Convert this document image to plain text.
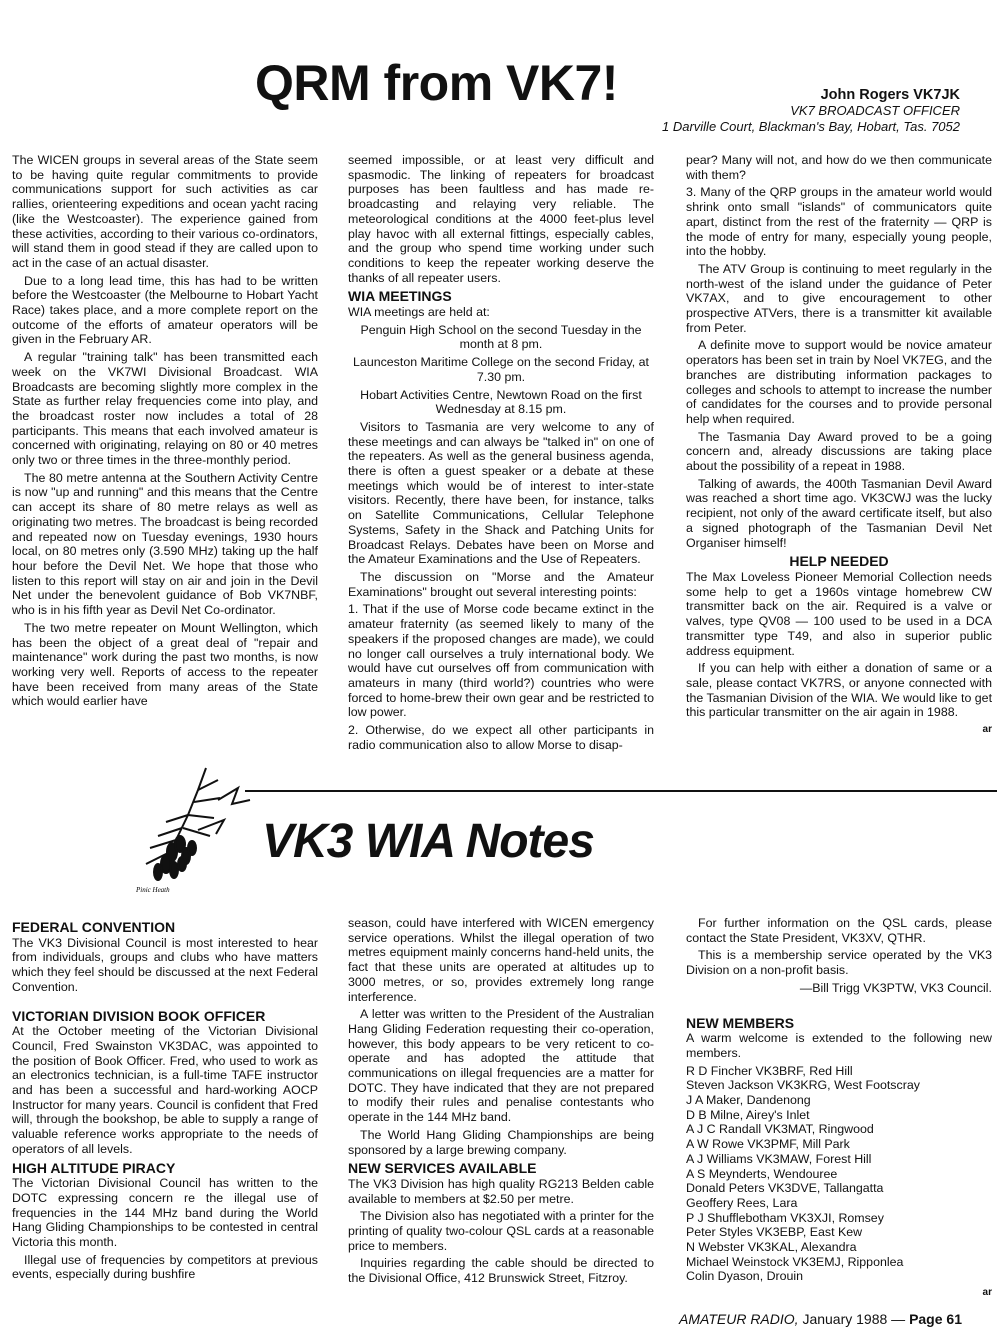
QRM from VK7!	John Rogers VK7JK
VK7 BROADCAST OFFICER
1 Darville Court, Blackman's Bay, Hobart, Tas. 7052

The WICEN groups in several areas of the State seem to be having quite regular commitments to provide communications support for such activities as car rallies, orienteering expeditions and ocean yacht racing (like the Westcoaster). The experience gained from these activities, according to their various co-ordinators, will stand them in good stead if they are called upon to act in the case of an actual disaster.

Due to a long lead time, this has had to be written before the Westcoaster (the Melbourne to Hobart Yacht Race) takes place, and a more complete report on the outcome of the efforts of amateur operators will be given in the February AR.

A regular "training talk" has been transmitted each week on the VK7WI Divisional Broadcast. WIA Broadcasts are becoming slightly more complex in the State as further relay frequencies come into play, and the broadcast roster now includes a total of 28 participants. This means that each involved amateur is concerned with originating, relaying on 80 or 40 metres only two or three times in the three-monthly period.

The 80 metre antenna at the Southern Activity Centre is now "up and running" and this means that the Centre can accept its share of 80 metre relays as well as originating two metres. The broadcast is being recorded and repeated now on Tuesday evenings, 1930 hours local, on 80 metres only (3.590 MHz) taking up the half hour before the Devil Net. We hope that those who listen to this report will stay on air and join in the Devil Net under the benevolent guidance of Bob VK7NBF, who is in his fifth year as Devil Net Co-ordinator.

The two metre repeater on Mount Wellington, which has been the object of a great deal of "repair and maintenance" work during the past two months, is now working very well. Reports of access to the repeater have been received from many areas of the State which would earlier have

seemed impossible, or at least very difficult and spasmodic. The linking of repeaters for broadcast purposes has been faultless and has made re-broadcasting and relaying very reliable. The meteorological conditions at the 4000 feet-plus level play havoc with all external fittings, especially cables, and the group who spend time working under such conditions to keep the repeater working deserve the thanks of all repeater users.

WIA MEETINGS

WIA meetings are held at:

Penguin High School on the second Tuesday in the month at 8 pm.

Launceston Maritime College on the second Friday, at 7.30 pm.

Hobart Activities Centre, Newtown Road on the first Wednesday at 8.15 pm.

Visitors to Tasmania are very welcome to any of these meetings and can always be "talked in" on one of the repeaters. As well as the general business agenda, there is often a guest speaker or a debate at these meetings which would be of interest to inter-state visitors. Recently, there have been, for instance, talks on Satellite Communications, Cellular Telephone Systems, Safety in the Shack and Patching Units for Broadcast Relays. Debates have been on Morse and the Amateur Examinations and the Use of Repeaters.

The discussion on "Morse and the Amateur Examinations" brought out several interesting points:

1. That if the use of Morse code became extinct in the amateur fraternity (as seemed likely to many of the speakers if the proposed changes are made), we could no longer call ourselves a truly international body. We would have cut ourselves off from communication with amateurs in many (third world?) countries who were forced to home-brew their own gear and be restricted to low power.

2. Otherwise, do we expect all other participants in radio communication also to allow Morse to disap-

pear? Many will not, and how do we then communicate with them?

3. Many of the QRP groups in the amateur world would shrink onto small "islands" of communicators quite apart, distinct from the rest of the fraternity — QRP is the mode of entry for many, especially young people, into the hobby.

The ATV Group is continuing to meet regularly in the north-west of the island under the guidance of Peter VK7AX, and to give encouragement to other prospective ATVers, there is a transmitter kit available from Peter.

A definite move to support would be novice amateur operators has been set in train by Noel VK7EG, and the branches are distributing information packages to colleges and schools to attempt to increase the number of candidates for the courses and to provide personal help when required.

The Tasmania Day Award proved to be a going concern and, already discussions are taking place about the possibility of a repeat in 1988.

Talking of awards, the 400th Tasmanian Devil Award was reached a short time ago. VK3CWJ was the lucky recipient, not only of the award certificate itself, but also a signed photograph of the Tasmanian Devil Net Organiser himself!

HELP NEEDED

The Max Loveless Pioneer Memorial Collection needs some help to get a 1960s vintage homebrew CW transmitter back on the air. Required is a valve or valves, type QV08 — 100 used to be used in a DCA transmitter type T49, and also in superior public address equipment.

If you can help with either a donation of same or a sale, please contact VK7RS, or anyone connected with the Tasmanian Division of the WIA. We would like to get this particular transmitter on the air again in 1988.

ar
Pinic Heath
VK3 WIA Notes
FEDERAL CONVENTION

The VK3 Divisional Council is most interested to hear from individuals, groups and clubs who have matters which they feel should be discussed at the next Federal Convention.

VICTORIAN DIVISION BOOK OFFICER

At the October meeting of the Victorian Divisional Council, Fred Swainston VK3DAC, was appointed to the position of Book Officer. Fred, who used to work as an electronics technician, is a full-time TAFE instructor and has been a successful and hard-working AOCP Instructor for many years. Council is confident that Fred will, through the bookshop, be able to supply a range of valuable reference works appropriate to the needs of operators of all levels.

HIGH ALTITUDE PIRACY

The Victorian Divisional Council has written to the DOTC expressing concern re the illegal use of frequencies in the 144 MHz band during the World Hang Gliding Championships to be contested in central Victoria this month.

Illegal use of frequencies by competitors at previous events, especially during bushfire

season, could have interfered with WICEN emergency service operations. Whilst the illegal operation of two metres equipment mainly concerns hand-held units, the fact that these units are operated at altitudes up to 3000 metres, or so, provides extremely long range interference.

A letter was written to the President of the Australian Hang Gliding Federation requesting their co-operation, however, this body appears to be very reticent to co-operate and has adopted the attitude that communications on illegal frequencies are a matter for DOTC. They have indicated that they are not prepared to modify their rules and penalise contestants who operate in the 144 MHz band.

The World Hang Gliding Championships are being sponsored by a large brewing company.

NEW SERVICES AVAILABLE

The VK3 Division has high quality RG213 Belden cable available to members at $2.50 per metre.

The Division also has negotiated with a printer for the printing of quality two-colour QSL cards at a reasonable price to members.

Inquiries regarding the cable should be directed to the Divisional Office, 412 Brunswick Street, Fitzroy.

For further information on the QSL cards, please contact the State President, VK3XV, QTHR.

This is a membership service operated by the VK3 Division on a non-profit basis.

—Bill Trigg VK3PTW, VK3 Council.

NEW MEMBERS

A warm welcome is extended to the following new members.

R D Fincher VK3BRF, Red Hill

Steven Jackson VK3KRG, West Footscray

J A Maker, Dandenong

D B Milne, Airey's Inlet

A J C Randall VK3MAT, Ringwood

A W Rowe VK3PMF, Mill Park

A J Williams VK3MAW, Forest Hill

A S Meynderts, Wendouree

Donald Peters VK3DVE, Tallangatta

Geoffery Rees, Lara

P J Shufflebotham VK3XJI, Romsey

Peter Styles VK3EBP, East Kew

N Webster VK3KAL, Alexandra

Michael Weinstock VK3EMJ, Ripponlea

Colin Dyason, Drouin

ar
AMATEUR RADIO, January 1988 — Page 61
